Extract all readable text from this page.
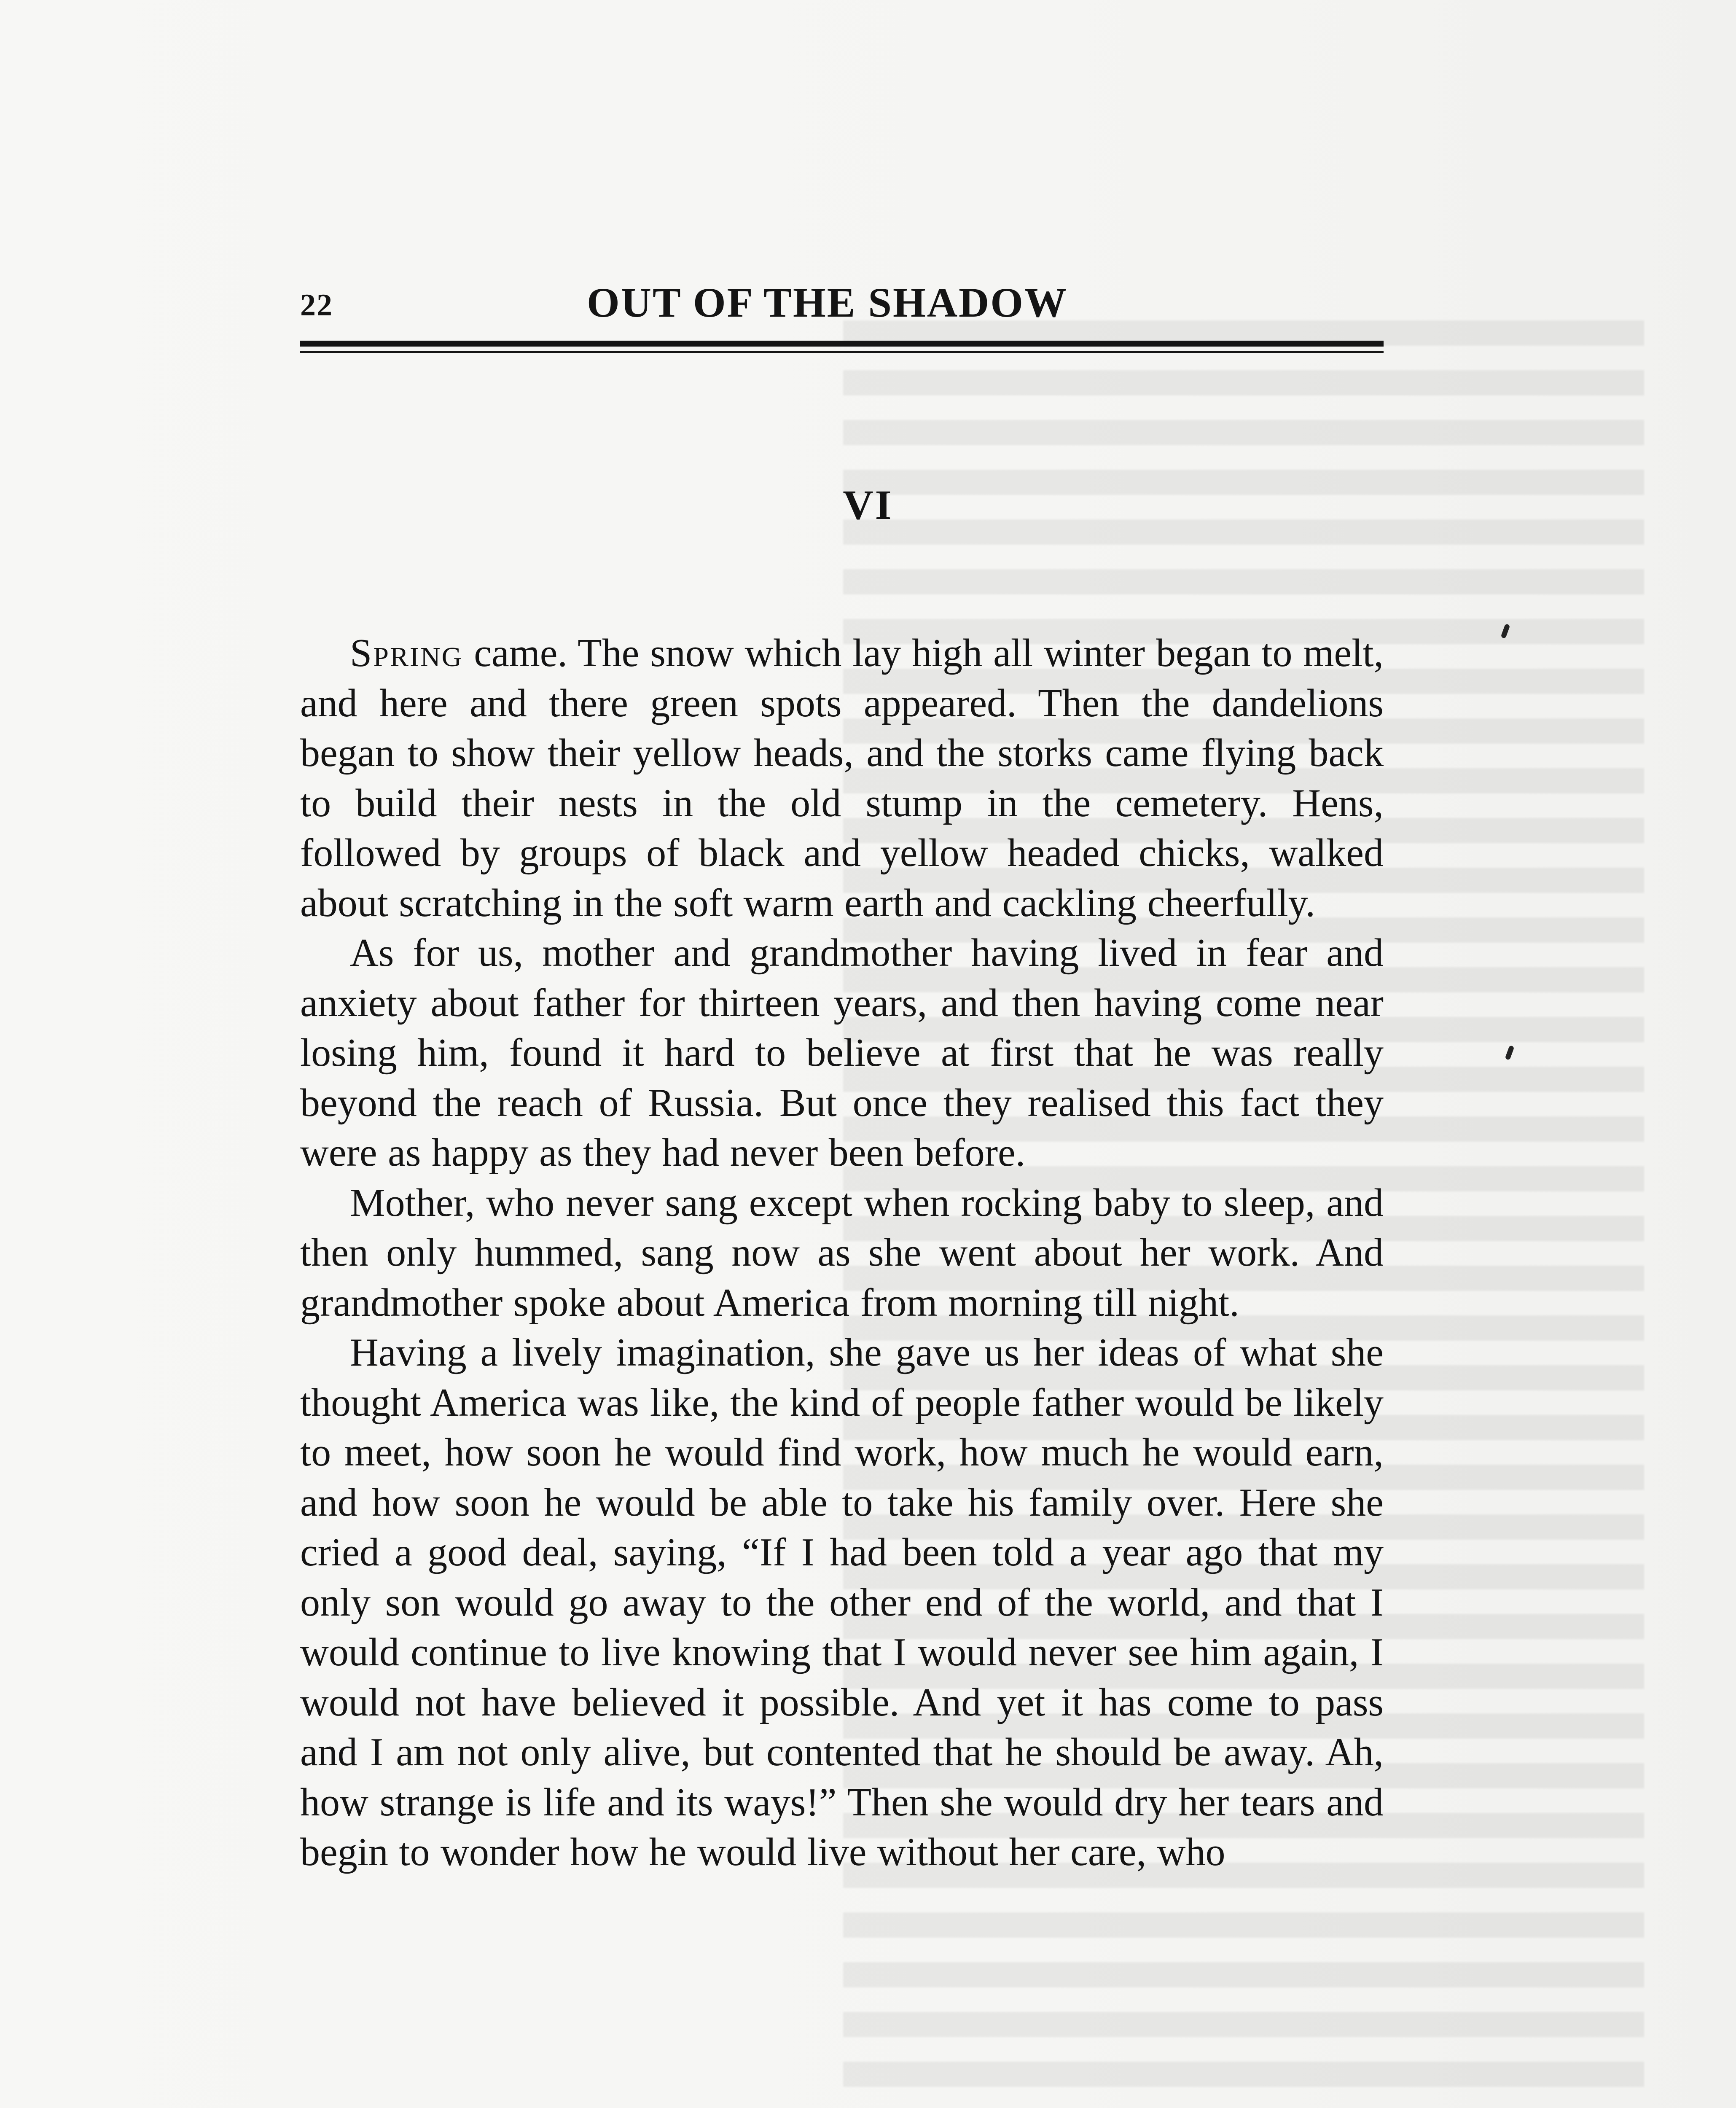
22	OUT OF THE SHADOW
VI

Spring came. The snow which lay high all winter began to melt, and here and there green spots appeared. Then the dandelions began to show their yellow heads, and the storks came flying back to build their nests in the old stump in the cemetery. Hens, followed by groups of black and yellow headed chicks, walked about scratching in the soft warm earth and cackling cheerfully.

As for us, mother and grandmother having lived in fear and anxiety about father for thirteen years, and then having come near losing him, found it hard to believe at first that he was really beyond the reach of Russia. But once they realised this fact they were as happy as they had never been before.

Mother, who never sang except when rocking baby to sleep, and then only hummed, sang now as she went about her work. And grandmother spoke about America from morning till night.

Having a lively imagination, she gave us her ideas of what she thought America was like, the kind of people father would be likely to meet, how soon he would find work, how much he would earn, and how soon he would be able to take his family over. Here she cried a good deal, saying, “If I had been told a year ago that my only son would go away to the other end of the world, and that I would continue to live knowing that I would never see him again, I would not have believed it possible. And yet it has come to pass and I am not only alive, but contented that he should be away. Ah, how strange is life and its ways!” Then she would dry her tears and begin to wonder how he would live without her care, who
